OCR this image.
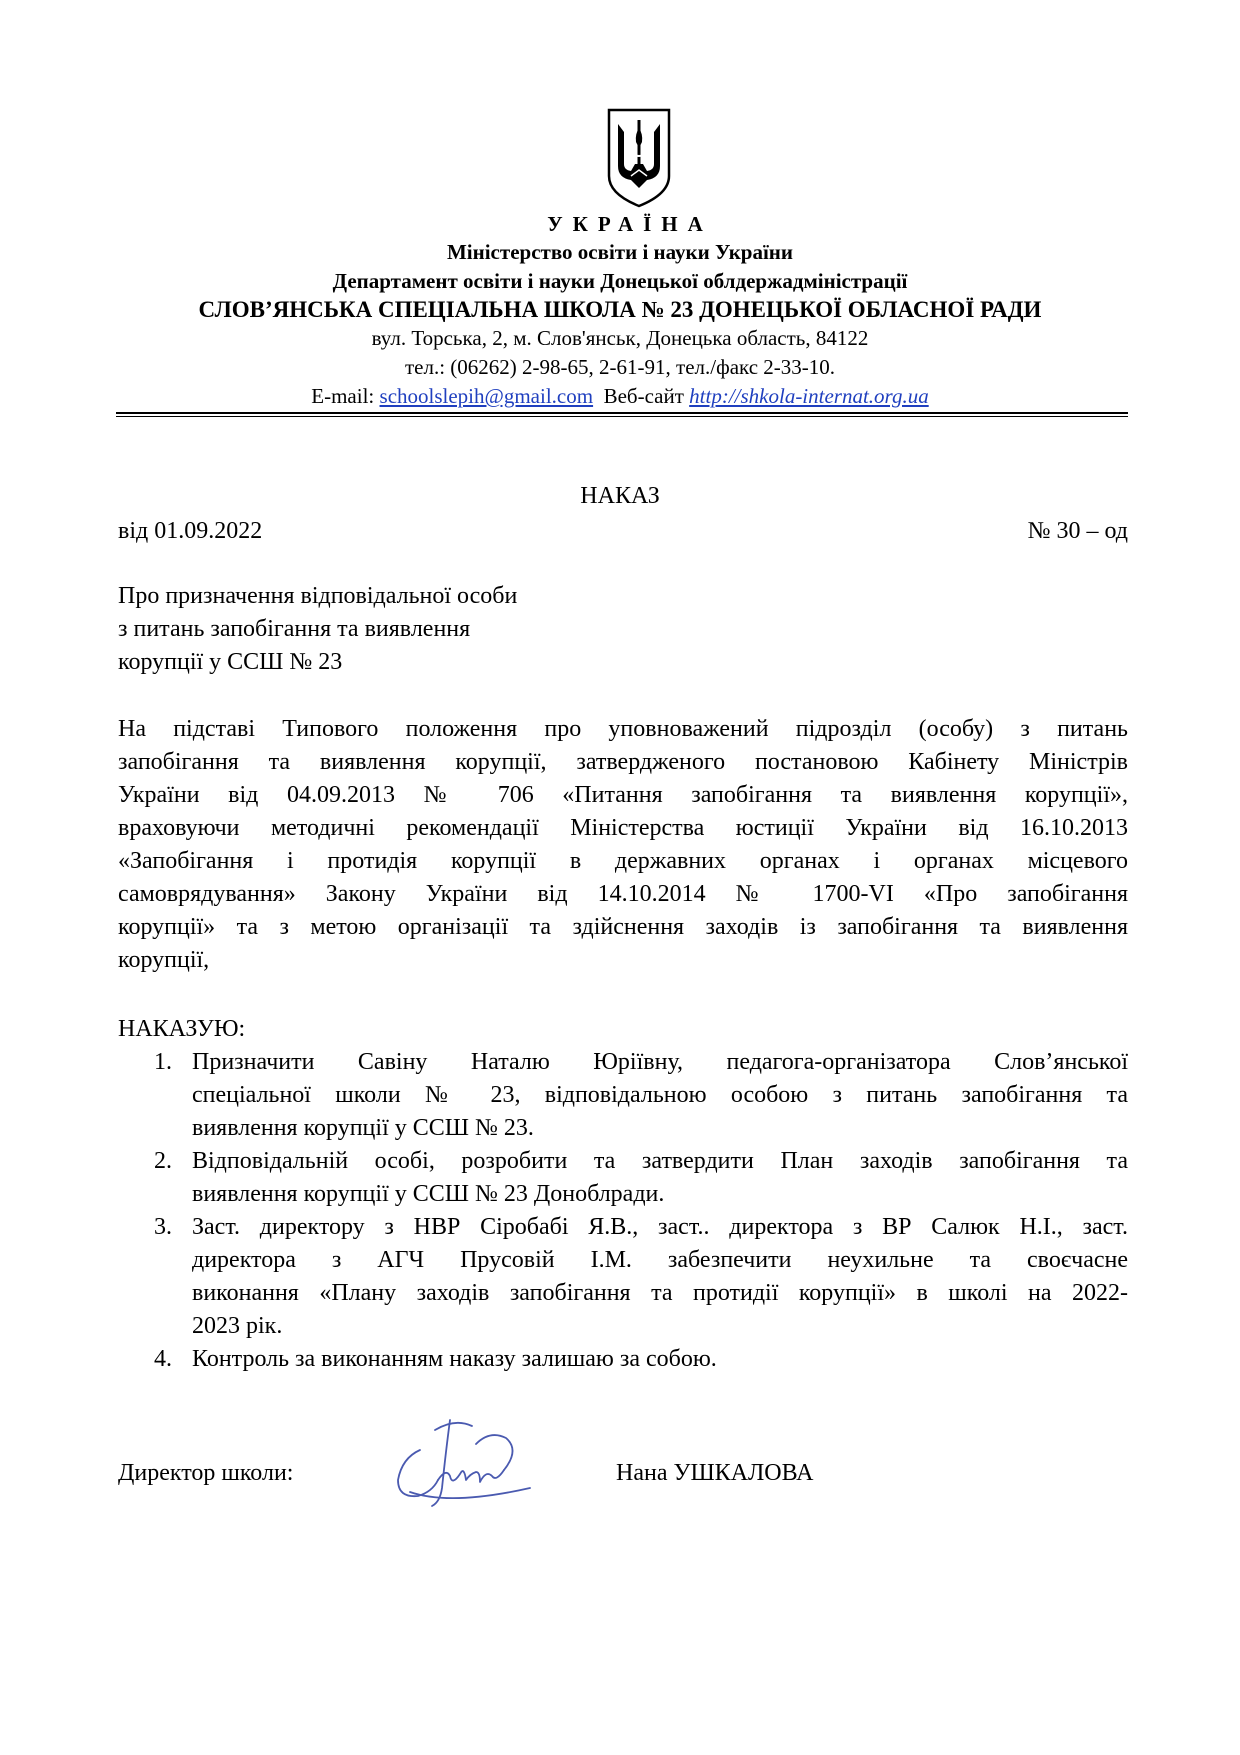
УКРАЇНА
Міністерство освіти і науки України
Департамент освіти і науки Донецької облдержадміністрації
СЛОВ’ЯНСЬКА СПЕЦІАЛЬНА ШКОЛА № 23 ДОНЕЦЬКОЇ ОБЛАСНОЇ РАДИ
вул. Торська, 2, м. Слов'янськ, Донецька область, 84122
тел.: (06262) 2-98-65, 2-61-91, тел./факс 2-33-10.
E-mail: schoolslepih@gmail.com Веб-сайт http://shkola-internat.org.ua
НАКАЗ
від 01.09.2022	№ 30 – од
Про призначення відповідальної особи
з питань запобігання та виявлення
корупції у ССШ № 23
На підставі Типового положення про уповноважений підрозділ (особу) з питань
запобігання та виявлення корупції, затвердженого постановою Кабінету Міністрів
України від 04.09.2013 № 706 «Питання запобігання та виявлення корупції»,
враховуючи методичні рекомендації Міністерства юстиції України від 16.10.2013
«Запобігання і протидія корупції в державних органах і органах місцевого
самоврядування» Закону України від 14.10.2014 № 1700-VI «Про запобігання
корупції» та з метою організації та здійснення заходів із запобігання та виявлення
корупції,
НАКАЗУЮ:
1. Призначити Савіну Наталю Юріївну, педагога-організатора Слов’янської
спеціальної школи № 23, відповідальною особою з питань запобігання та
виявлення корупції у ССШ № 23.
2. Відповідальній особі, розробити та затвердити План заходів запобігання та
виявлення корупції у ССШ № 23 Доноблради.
3. Заст. директору з НВР Сіробабі Я.В., заст.. директора з ВР Салюк Н.І., заст.
директора з АГЧ Прусовій І.М. забезпечити неухильне та своєчасне
виконання «Плану заходів запобігання та протидії корупції» в школі на 2022-
2023 рік.
4. Контроль за виконанням наказу залишаю за собою.
Директор школи:	Нана УШКАЛОВА
